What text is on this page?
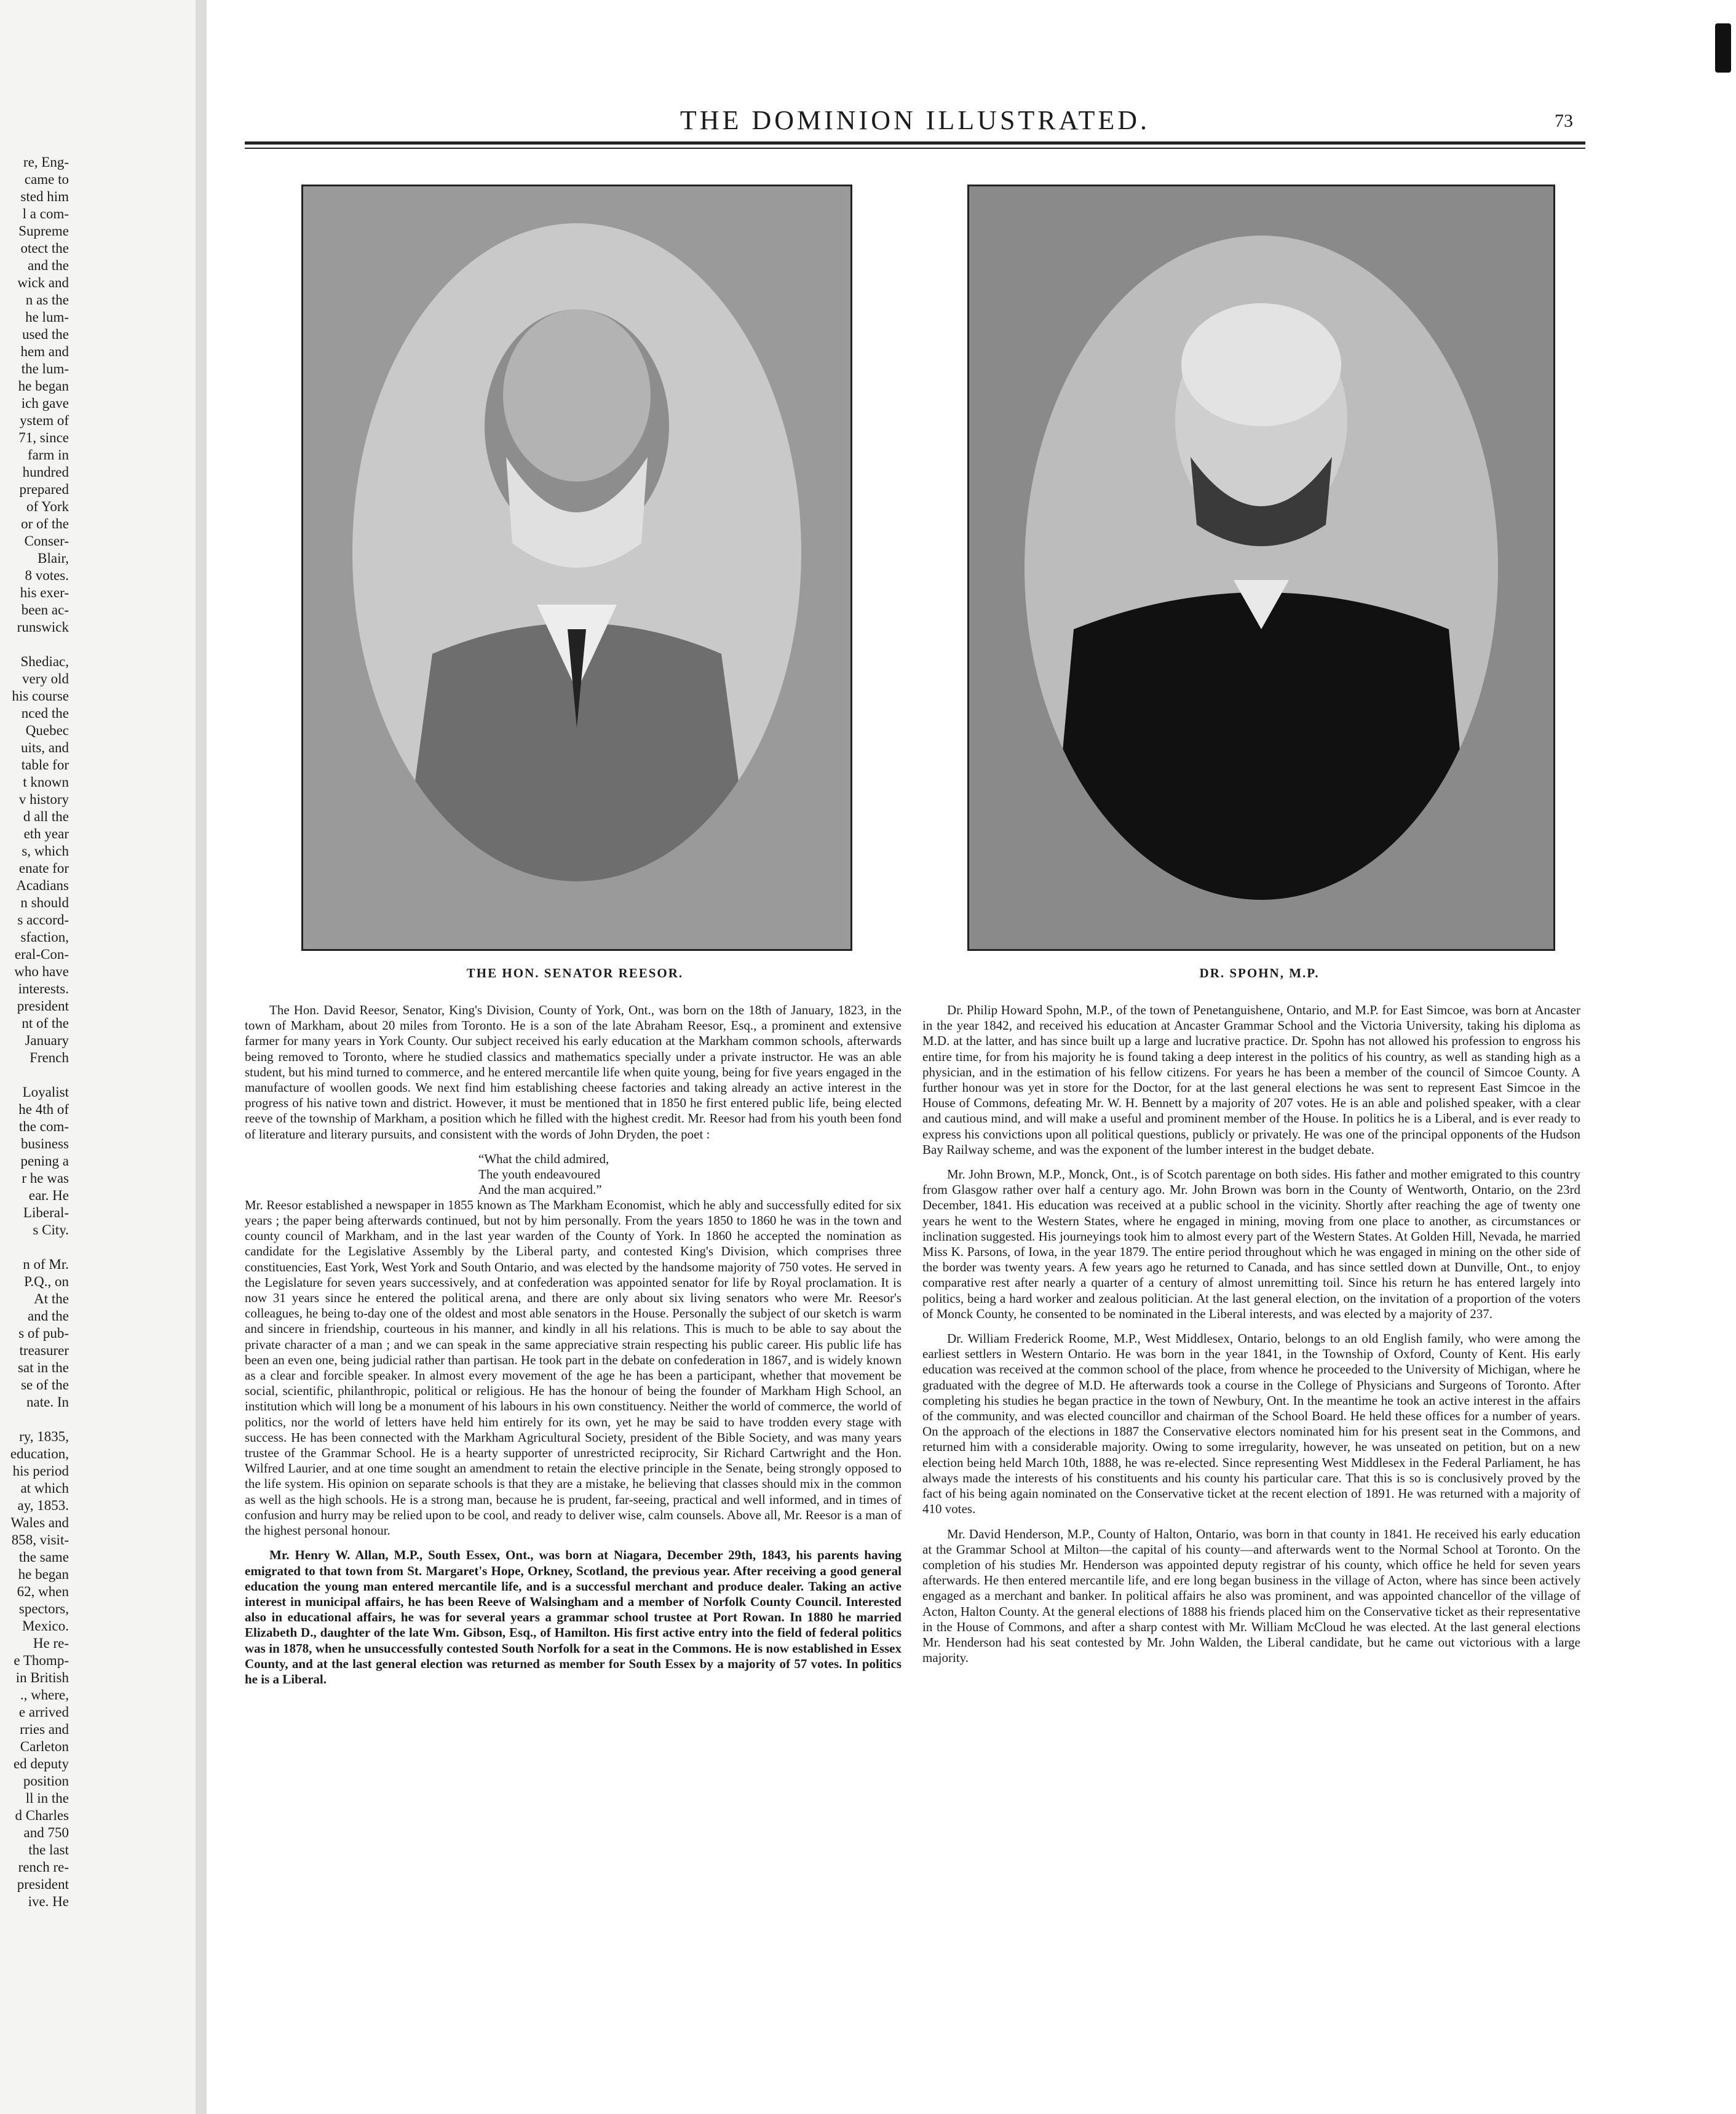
re, Eng-
came to
sted him
l a com-
Supreme
otect the
and the
wick and
n as the
he lum-
used the
hem and
the lum-
he began
ich gave
ystem of
71, since
farm in
hundred
prepared
of York
or of the
Conser-
Blair,
8 votes.
his exer-
been ac-
runswick
Shediac,
very old
his course
nced the
Quebec
uits, and
table for
t known
v history
d all the
eth year
s, which
enate for
Acadians
n should
s accord-
sfaction,
eral-Con-
who have
interests.
president
nt of the
January
French
Loyalist
he 4th of
the com-
business
pening a
r he was
ear. He
Liberal-
s City.
n of Mr.
P.Q., on
At the
and the
s of pub-
treasurer
sat in the
se of the
nate. In
ry, 1835,
education,
his period
at which
ay, 1853.
Wales and
858, visit-
the same
he began
62, when
spectors,
Mexico.
He re-
e Thomp-
in British
., where,
e arrived
rries and
Carleton
ed deputy
position
ll in the
d Charles
and 750
the last
rench re-
president
ive. He
THE DOMINION ILLUSTRATED.	73
THE HON. SENATOR REESOR.	DR. SPOHN, M.P.

The Hon. David Reesor, Senator, King's Division, County of York, Ont., was born on the 18th of January, 1823, in the town of Markham, about 20 miles from Toronto. He is a son of the late Abraham Reesor, Esq., a prominent and extensive farmer for many years in York County. Our subject received his early education at the Markham common schools, afterwards being removed to Toronto, where he studied classics and mathematics specially under a private instructor. He was an able student, but his mind turned to commerce, and he entered mercantile life when quite young, being for five years engaged in the manufacture of woollen goods. We next find him establishing cheese factories and taking already an active interest in the progress of his native town and district. However, it must be mentioned that in 1850 he first entered public life, being elected reeve of the township of Markham, a position which he filled with the highest credit. Mr. Reesor had from his youth been fond of literature and literary pursuits, and consistent with the words of John Dryden, the poet :

“What the child admired,
The youth endeavoured
And the man acquired.”

Mr. Reesor established a newspaper in 1855 known as The Markham Economist, which he ably and successfully edited for six years ; the paper being afterwards continued, but not by him personally. From the years 1850 to 1860 he was in the town and county council of Markham, and in the last year warden of the County of York. In 1860 he accepted the nomination as candidate for the Legislative Assembly by the Liberal party, and contested King's Division, which comprises three constituencies, East York, West York and South Ontario, and was elected by the handsome majority of 750 votes. He served in the Legislature for seven years successively, and at confederation was appointed senator for life by Royal proclamation. It is now 31 years since he entered the political arena, and there are only about six living senators who were Mr. Reesor's colleagues, he being to-day one of the oldest and most able senators in the House. Personally the subject of our sketch is warm and sincere in friendship, courteous in his manner, and kindly in all his relations. This is much to be able to say about the private character of a man ; and we can speak in the same appreciative strain respecting his public career. His public life has been an even one, being judicial rather than partisan. He took part in the debate on confederation in 1867, and is widely known as a clear and forcible speaker. In almost every movement of the age he has been a participant, whether that movement be social, scientific, philanthropic, political or religious. He has the honour of being the founder of Markham High School, an institution which will long be a monument of his labours in his own constituency. Neither the world of commerce, the world of politics, nor the world of letters have held him entirely for its own, yet he may be said to have trodden every stage with success. He has been connected with the Markham Agricultural Society, president of the Bible Society, and was many years trustee of the Grammar School. He is a hearty supporter of unrestricted reciprocity, Sir Richard Cartwright and the Hon. Wilfred Laurier, and at one time sought an amendment to retain the elective principle in the Senate, being strongly opposed to the life system. His opinion on separate schools is that they are a mistake, he believing that classes should mix in the common as well as the high schools. He is a strong man, because he is prudent, far-seeing, practical and well informed, and in times of confusion and hurry may be relied upon to be cool, and ready to deliver wise, calm counsels. Above all, Mr. Reesor is a man of the highest personal honour.

Mr. Henry W. Allan, M.P., South Essex, Ont., was born at Niagara, December 29th, 1843, his parents having emigrated to that town from St. Margaret's Hope, Orkney, Scotland, the previous year. After receiving a good general education the young man entered mercantile life, and is a successful merchant and produce dealer. Taking an active interest in municipal affairs, he has been Reeve of Walsingham and a member of Norfolk County Council. Interested also in educational affairs, he was for several years a grammar school trustee at Port Rowan. In 1880 he married Elizabeth D., daughter of the late Wm. Gibson, Esq., of Hamilton. His first active entry into the field of federal politics was in 1878, when he unsuccessfully contested South Norfolk for a seat in the Commons. He is now established in Essex County, and at the last general election was returned as member for South Essex by a majority of 57 votes. In politics he is a Liberal.

Dr. Philip Howard Spohn, M.P., of the town of Penetanguishene, Ontario, and M.P. for East Simcoe, was born at Ancaster in the year 1842, and received his education at Ancaster Grammar School and the Victoria University, taking his diploma as M.D. at the latter, and has since built up a large and lucrative practice. Dr. Spohn has not allowed his profession to engross his entire time, for from his majority he is found taking a deep interest in the politics of his country, as well as standing high as a physician, and in the estimation of his fellow citizens. For years he has been a member of the council of Simcoe County. A further honour was yet in store for the Doctor, for at the last general elections he was sent to represent East Simcoe in the House of Commons, defeating Mr. W. H. Bennett by a majority of 207 votes. He is an able and polished speaker, with a clear and cautious mind, and will make a useful and prominent member of the House. In politics he is a Liberal, and is ever ready to express his convictions upon all political questions, publicly or privately. He was one of the principal opponents of the Hudson Bay Railway scheme, and was the exponent of the lumber interest in the budget debate.

Mr. John Brown, M.P., Monck, Ont., is of Scotch parentage on both sides. His father and mother emigrated to this country from Glasgow rather over half a century ago. Mr. John Brown was born in the County of Wentworth, Ontario, on the 23rd December, 1841. His education was received at a public school in the vicinity. Shortly after reaching the age of twenty one years he went to the Western States, where he engaged in mining, moving from one place to another, as circumstances or inclination suggested. His journeyings took him to almost every part of the Western States. At Golden Hill, Nevada, he married Miss K. Parsons, of Iowa, in the year 1879. The entire period throughout which he was engaged in mining on the other side of the border was twenty years. A few years ago he returned to Canada, and has since settled down at Dunville, Ont., to enjoy comparative rest after nearly a quarter of a century of almost unremitting toil. Since his return he has entered largely into politics, being a hard worker and zealous politician. At the last general election, on the invitation of a proportion of the voters of Monck County, he consented to be nominated in the Liberal interests, and was elected by a majority of 237.

Dr. William Frederick Roome, M.P., West Middlesex, Ontario, belongs to an old English family, who were among the earliest settlers in Western Ontario. He was born in the year 1841, in the Township of Oxford, County of Kent. His early education was received at the common school of the place, from whence he proceeded to the University of Michigan, where he graduated with the degree of M.D. He afterwards took a course in the College of Physicians and Surgeons of Toronto. After completing his studies he began practice in the town of Newbury, Ont. In the meantime he took an active interest in the affairs of the community, and was elected councillor and chairman of the School Board. He held these offices for a number of years. On the approach of the elections in 1887 the Conservative electors nominated him for his present seat in the Commons, and returned him with a considerable majority. Owing to some irregularity, however, he was unseated on petition, but on a new election being held March 10th, 1888, he was re-elected. Since representing West Middlesex in the Federal Parliament, he has always made the interests of his constituents and his county his particular care. That this is so is conclusively proved by the fact of his being again nominated on the Conservative ticket at the recent election of 1891. He was returned with a majority of 410 votes.

Mr. David Henderson, M.P., County of Halton, Ontario, was born in that county in 1841. He received his early education at the Grammar School at Milton—the capital of his county—and afterwards went to the Normal School at Toronto. On the completion of his studies Mr. Henderson was appointed deputy registrar of his county, which office he held for seven years afterwards. He then entered mercantile life, and ere long began business in the village of Acton, where has since been actively engaged as a merchant and banker. In political affairs he also was prominent, and was appointed chancellor of the village of Acton, Halton County. At the general elections of 1888 his friends placed him on the Conservative ticket as their representative in the House of Commons, and after a sharp contest with Mr. William McCloud he was elected. At the last general elections Mr. Henderson had his seat contested by Mr. John Walden, the Liberal candidate, but he came out victorious with a large majority.
